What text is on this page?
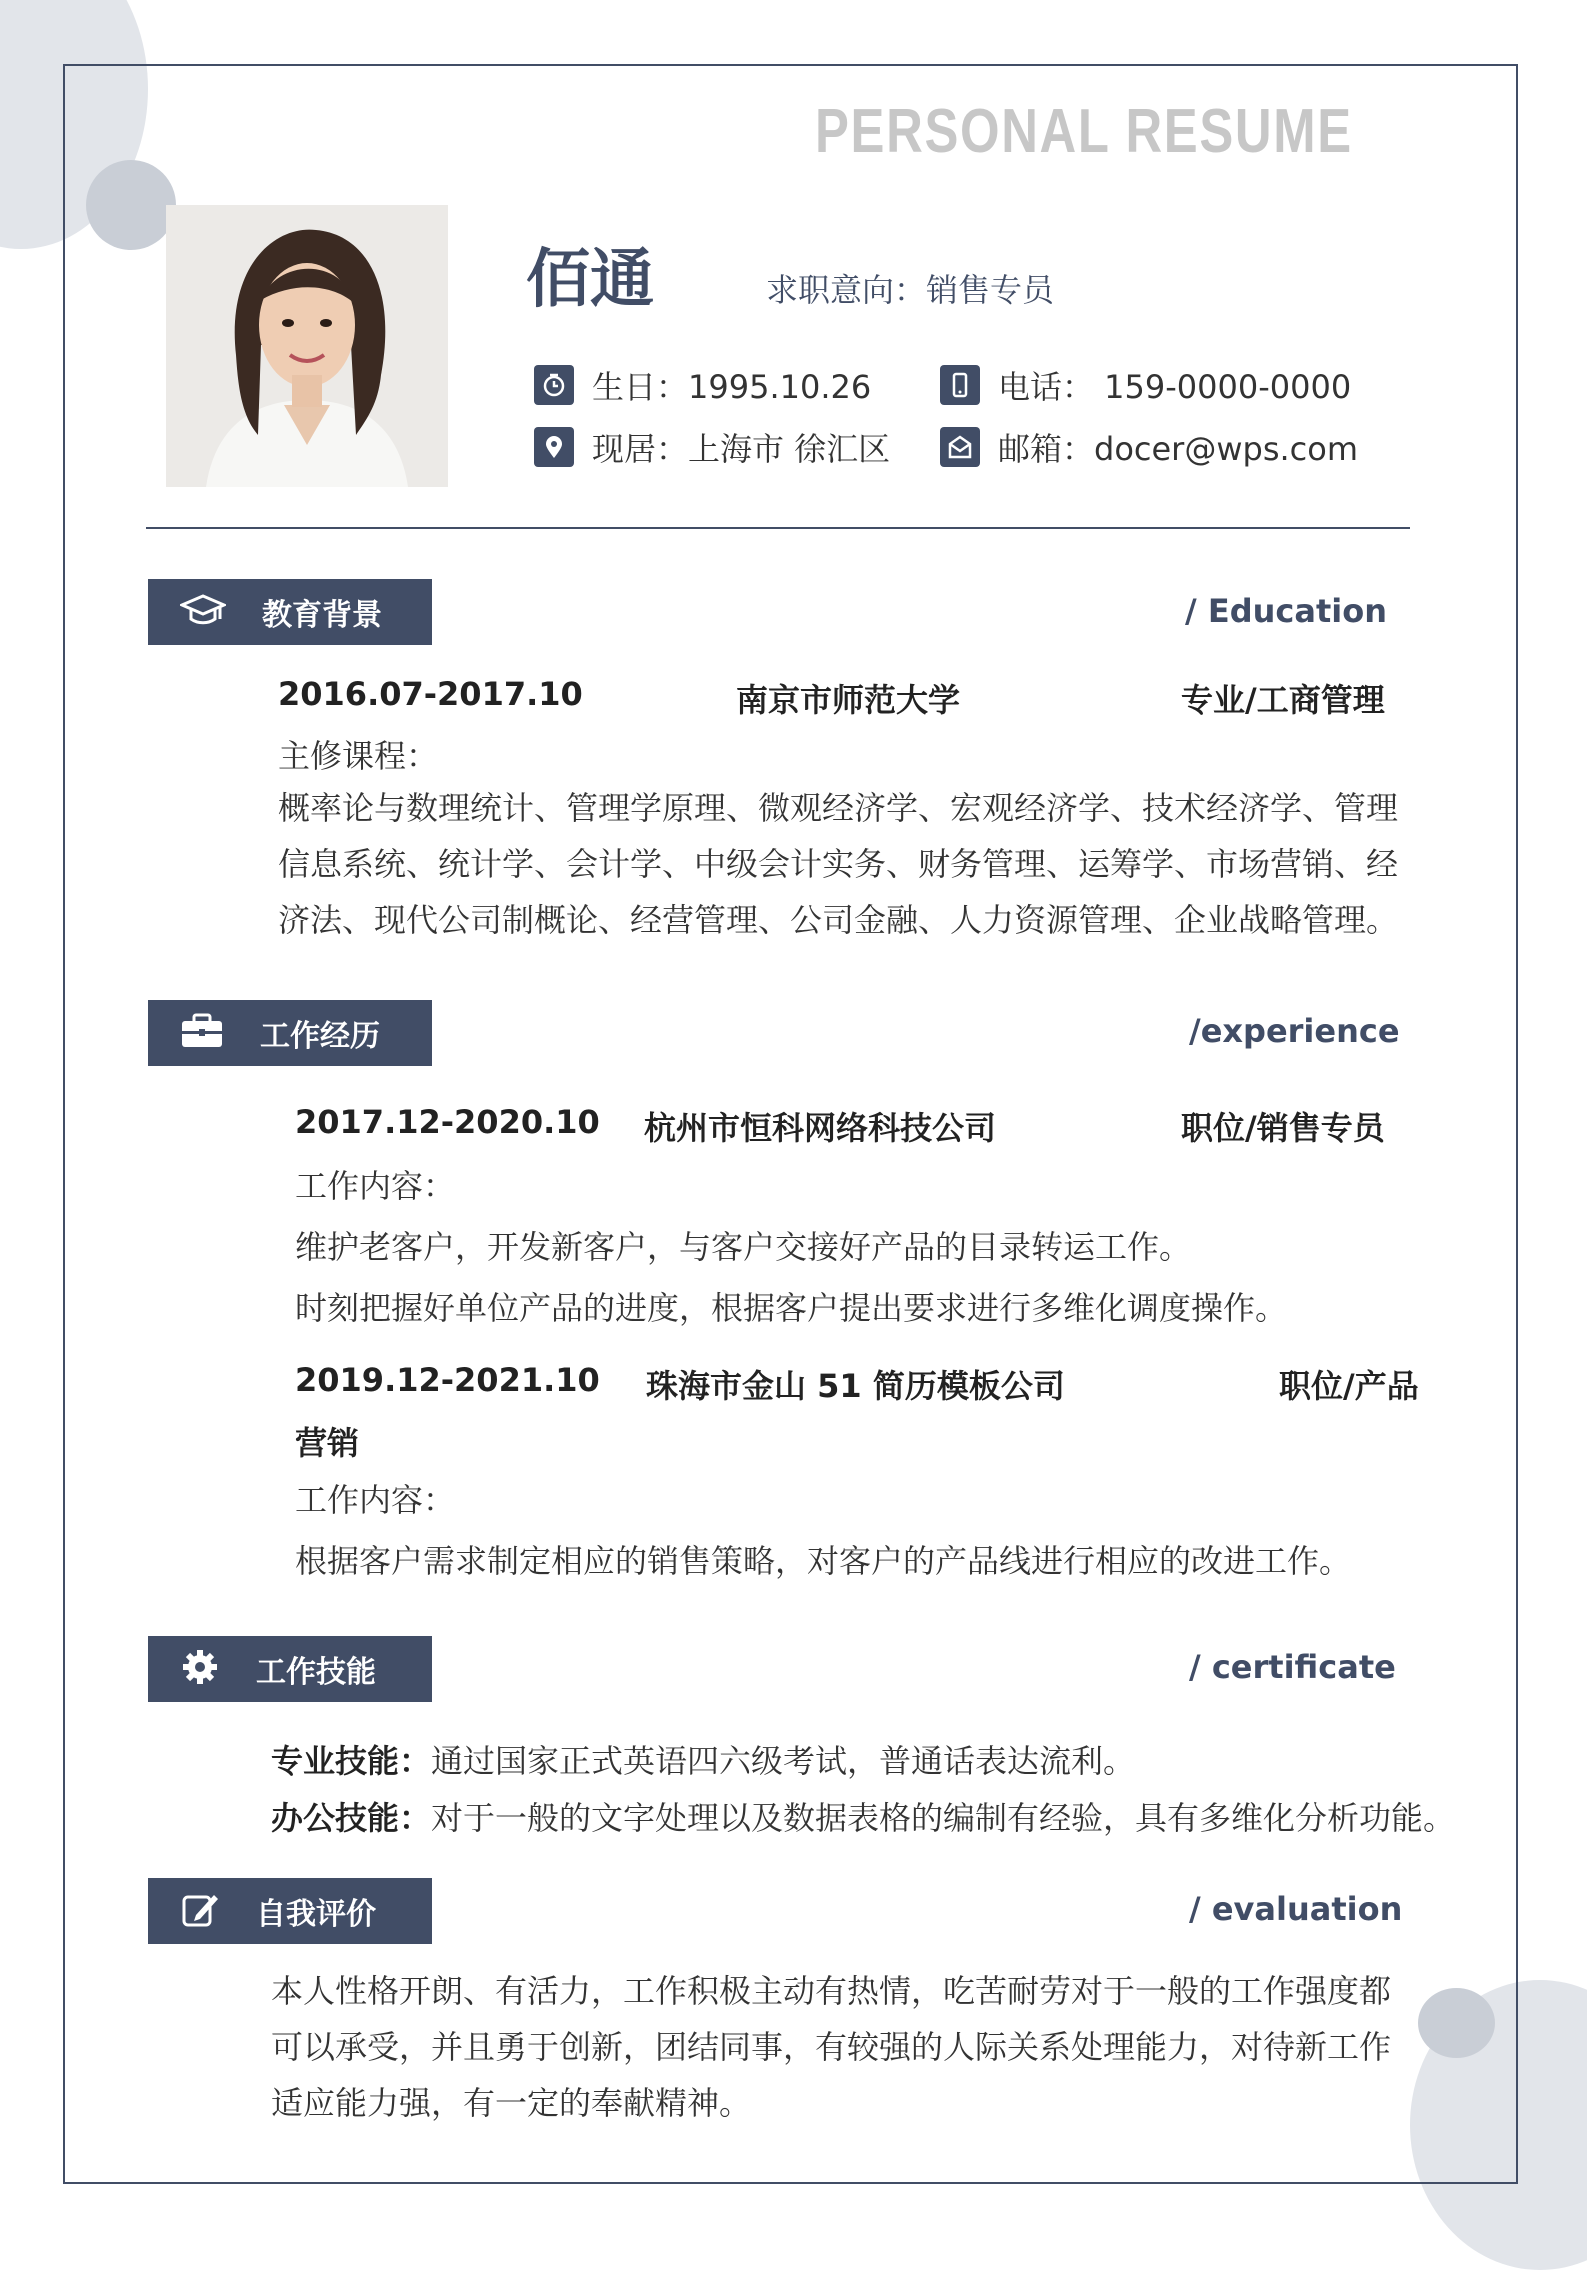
PERSONAL RESUME
佰通	求职意向：销售专员
生日：1995.10.26	电话： 159-0000-0000
现居：上海市 徐汇区	邮箱：docer@wps.com
教育背景	/ Education
2016.07-2017.10	南京市师范大学	专业/工商管理
主修课程：
概率论与数理统计、管理学原理、微观经济学、宏观经济学、技术经济学、管理信息系统、统计学、会计学、中级会计实务、财务管理、运筹学、市场营销、经济法、现代公司制概论、经营管理、公司金融、人力资源管理、企业战略管理。
工作经历	/experience
2017.12-2020.10 杭州市恒科网络科技公司	职位/销售专员
工作内容：
维护老客户，开发新客户，与客户交接好产品的目录转运工作。
时刻把握好单位产品的进度，根据客户提出要求进行多维化调度操作。
2019.12-2021.10 珠海市金山 51 简历模板公司	职位/产品
营销
工作内容：
根据客户需求制定相应的销售策略，对客户的产品线进行相应的改进工作。
工作技能	/ certificate
专业技能：通过国家正式英语四六级考试，普通话表达流利。
办公技能：对于一般的文字处理以及数据表格的编制有经验，具有多维化分析功能。
自我评价	/ evaluation
本人性格开朗、有活力，工作积极主动有热情，吃苦耐劳对于一般的工作强度都可以承受，并且勇于创新，团结同事，有较强的人际关系处理能力，对待新工作适应能力强，有一定的奉献精神。
